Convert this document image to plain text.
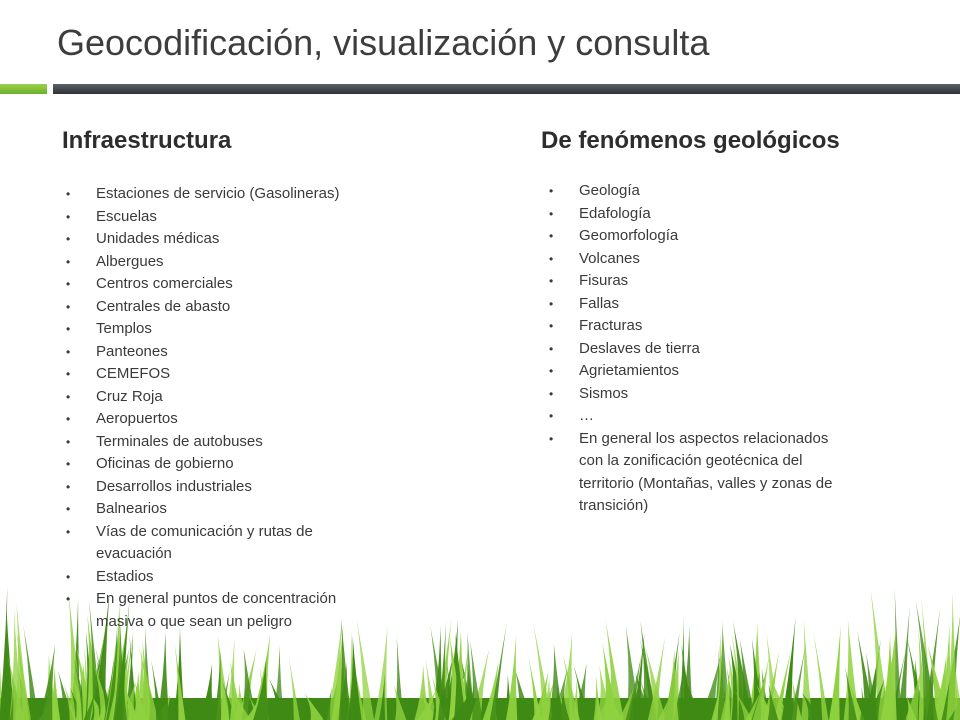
Geocodificación, visualización y consulta
Infraestructura	De fenómenos geológicos
• Estaciones de servicio (Gasolineras)
• Escuelas
• Unidades médicas
• Albergues
• Centros comerciales
• Centrales de abasto
• Templos
• Panteones
• CEMEFOS
• Cruz Roja
• Aeropuertos
• Terminales de autobuses
• Oficinas de gobierno
• Desarrollos industriales
• Balnearios
• Vías de comunicación y rutas de evacuación
• Estadios
• En general puntos de concentración masiva o que sean un peligro
• Geología
• Edafología
• Geomorfología
• Volcanes
• Fisuras
• Fallas
• Fracturas
• Deslaves de tierra
• Agrietamientos
• Sismos
• …
• En general los aspectos relacionados con la zonificación geotécnica del territorio (Montañas, valles y zonas de transición)
